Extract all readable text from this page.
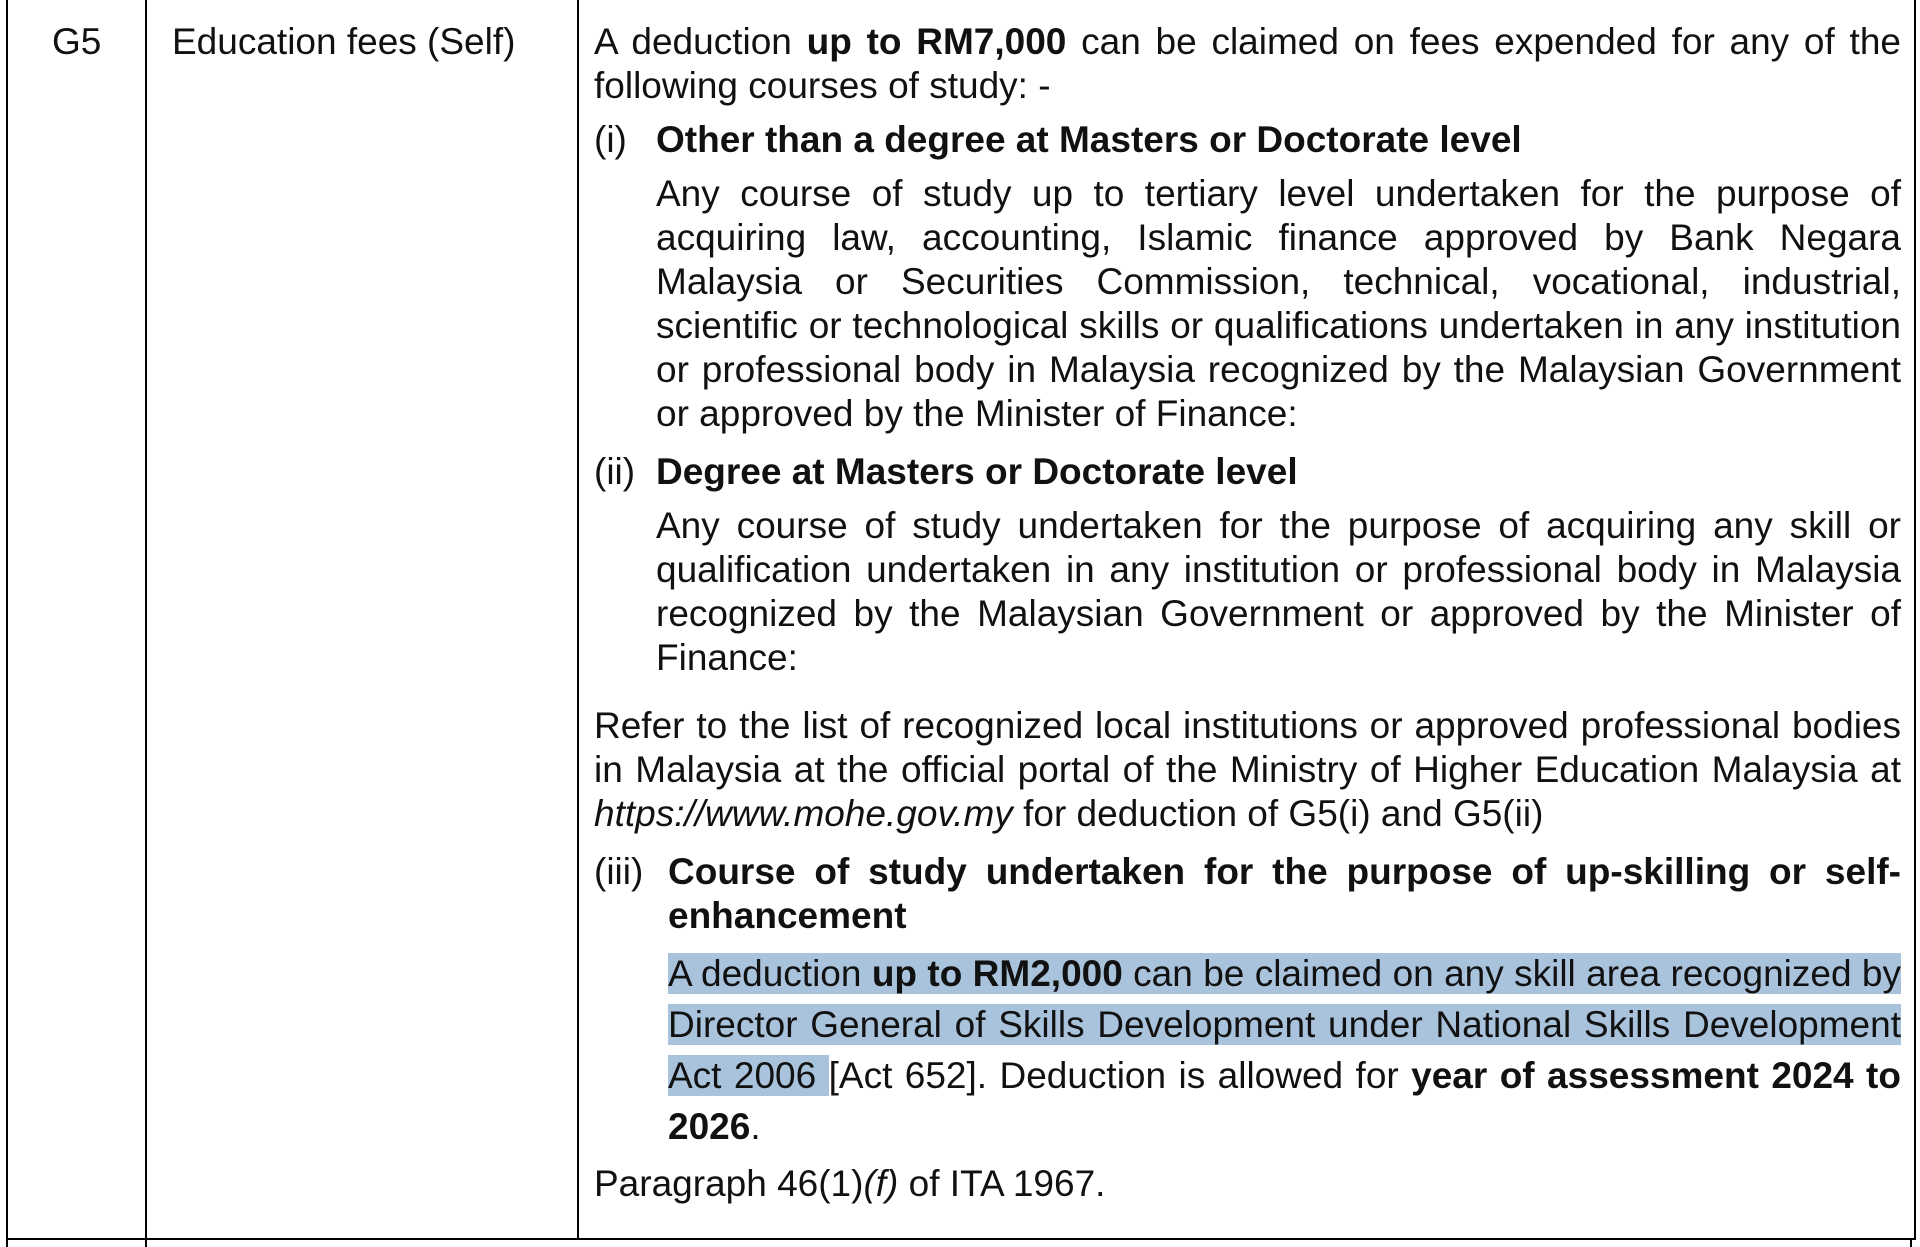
G5 Education fees (Self) A deduction up to RM7,000 can be claimed on fees expended for any of the following courses of study: -

(i) Other than a degree at Masters or Doctorate level

Any course of study up to tertiary level undertaken for the purpose of acquiring law, accounting, Islamic finance approved by Bank Negara Malaysia or Securities Commission, technical, vocational, industrial, scientific or technological skills or qualifications undertaken in any institution or professional body in Malaysia recognized by the Malaysian Government or approved by the Minister of Finance:

(ii) Degree at Masters or Doctorate level

Any course of study undertaken for the purpose of acquiring any skill or qualification undertaken in any institution or professional body in Malaysia recognized by the Malaysian Government or approved by the Minister of Finance:

Refer to the list of recognized local institutions or approved professional bodies in Malaysia at the official portal of the Ministry of Higher Education Malaysia at https://www.mohe.gov.my for deduction of G5(i) and G5(ii)

(iii) Course of study undertaken for the purpose of up-skilling or self-enhancement

A deduction up to RM2,000 can be claimed on any skill area recognized by Director General of Skills Development under National Skills Development Act 2006 [Act 652]. Deduction is allowed for year of assessment 2024 to 2026.

Paragraph 46(1)(f) of ITA 1967.
